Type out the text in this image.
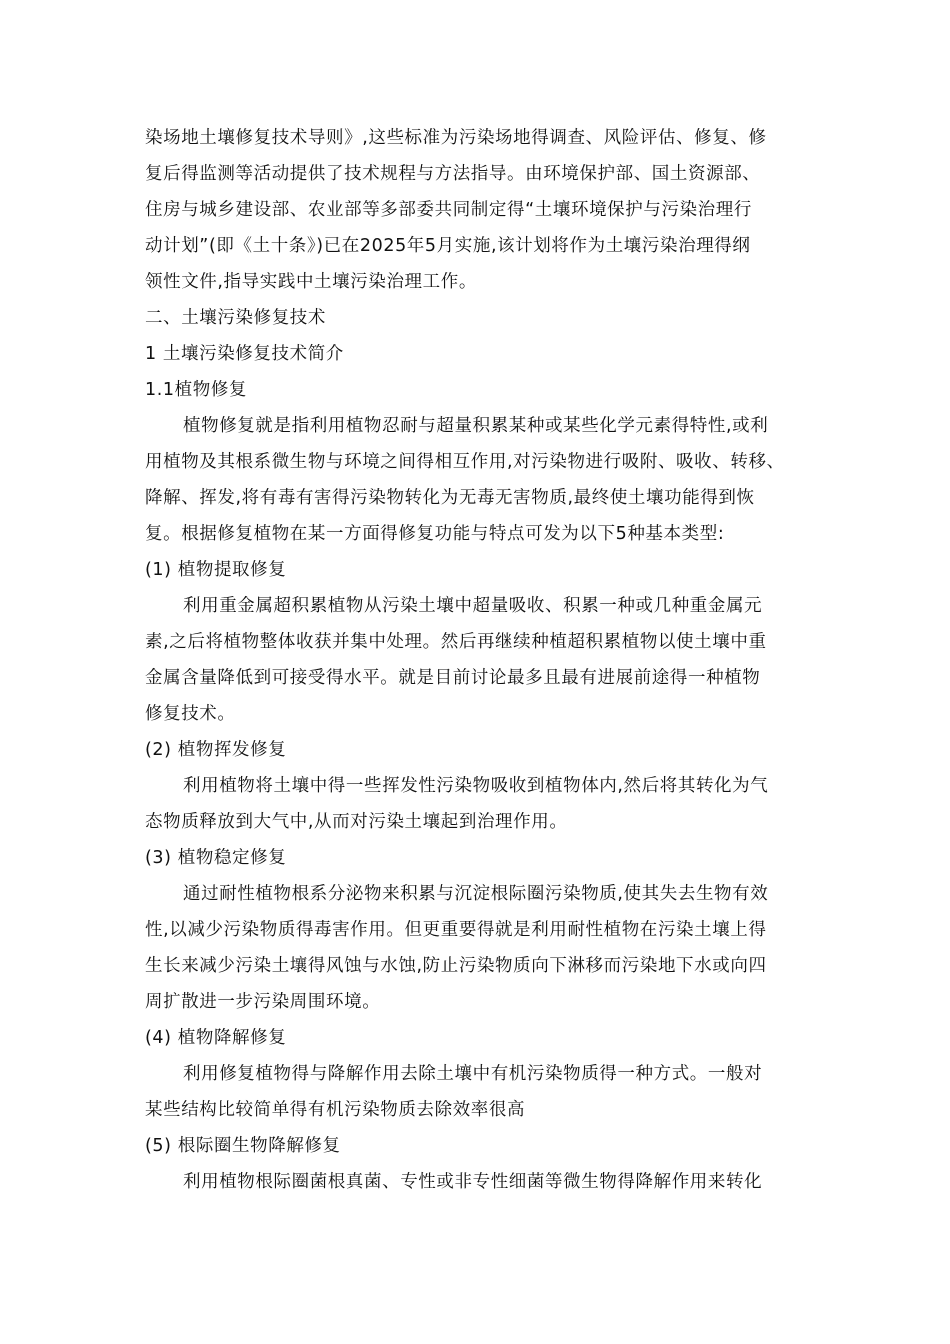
染场地土壤修复技术导则》,这些标准为污染场地得调查、风险评估、修复、修
复后得监测等活动提供了技术规程与方法指导。由环境保护部、国土资源部、
住房与城乡建设部、农业部等多部委共同制定得“土壤环境保护与污染治理行
动计划”(即《土十条》)已在2025年5月实施,该计划将作为土壤污染治理得纲
领性文件,指导实践中土壤污染治理工作。
二、土壤污染修复技术
1 土壤污染修复技术简介
1.1植物修复
植物修复就是指利用植物忍耐与超量积累某种或某些化学元素得特性,或利
用植物及其根系微生物与环境之间得相互作用,对污染物进行吸附、吸收、转移、
降解、挥发,将有毒有害得污染物转化为无毒无害物质,最终使土壤功能得到恢
复。根据修复植物在某一方面得修复功能与特点可发为以下5种基本类型:
(1) 植物提取修复
利用重金属超积累植物从污染土壤中超量吸收、积累一种或几种重金属元
素,之后将植物整体收获并集中处理。然后再继续种植超积累植物以使土壤中重
金属含量降低到可接受得水平。就是目前讨论最多且最有进展前途得一种植物
修复技术。
(2) 植物挥发修复
利用植物将土壤中得一些挥发性污染物吸收到植物体内,然后将其转化为气
态物质释放到大气中,从而对污染土壤起到治理作用。
(3) 植物稳定修复
通过耐性植物根系分泌物来积累与沉淀根际圈污染物质,使其失去生物有效
性,以减少污染物质得毒害作用。但更重要得就是利用耐性植物在污染土壤上得
生长来减少污染土壤得风蚀与水蚀,防止污染物质向下淋移而污染地下水或向四
周扩散进一步污染周围环境。
(4) 植物降解修复
利用修复植物得与降解作用去除土壤中有机污染物质得一种方式。一般对
某些结构比较简单得有机污染物质去除效率很高
(5) 根际圈生物降解修复
利用植物根际圈菌根真菌、专性或非专性细菌等微生物得降解作用来转化
